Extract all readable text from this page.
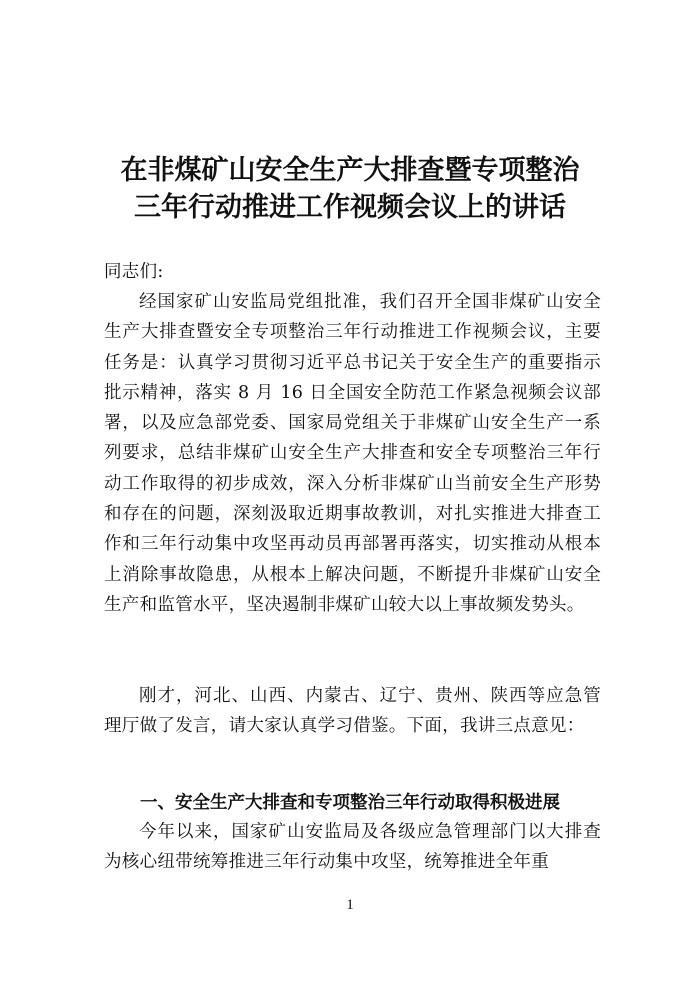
在非煤矿山安全生产大排查暨专项整治
三年行动推进工作视频会议上的讲话
同志们:

经国家矿山安监局党组批准，我们召开全国非煤矿山安全生产大排查暨安全专项整治三年行动推进工作视频会议，主要任务是：认真学习贯彻习近平总书记关于安全生产的重要指示批示精神，落实 8 月 16 日全国安全防范工作紧急视频会议部署，以及应急部党委、国家局党组关于非煤矿山安全生产一系列要求，总结非煤矿山安全生产大排查和安全专项整治三年行动工作取得的初步成效，深入分析非煤矿山当前安全生产形势和存在的问题，深刻汲取近期事故教训，对扎实推进大排查工作和三年行动集中攻坚再动员再部署再落实，切实推动从根本上消除事故隐患，从根本上解决问题，不断提升非煤矿山安全生产和监管水平，坚决遏制非煤矿山较大以上事故频发势头。

刚才，河北、山西、内蒙古、辽宁、贵州、陕西等应急管理厅做了发言，请大家认真学习借鉴。下面，我讲三点意见：

一、安全生产大排查和专项整治三年行动取得积极进展

今年以来，国家矿山安监局及各级应急管理部门以大排查为核心纽带统筹推进三年行动集中攻坚，统筹推进全年重

1
